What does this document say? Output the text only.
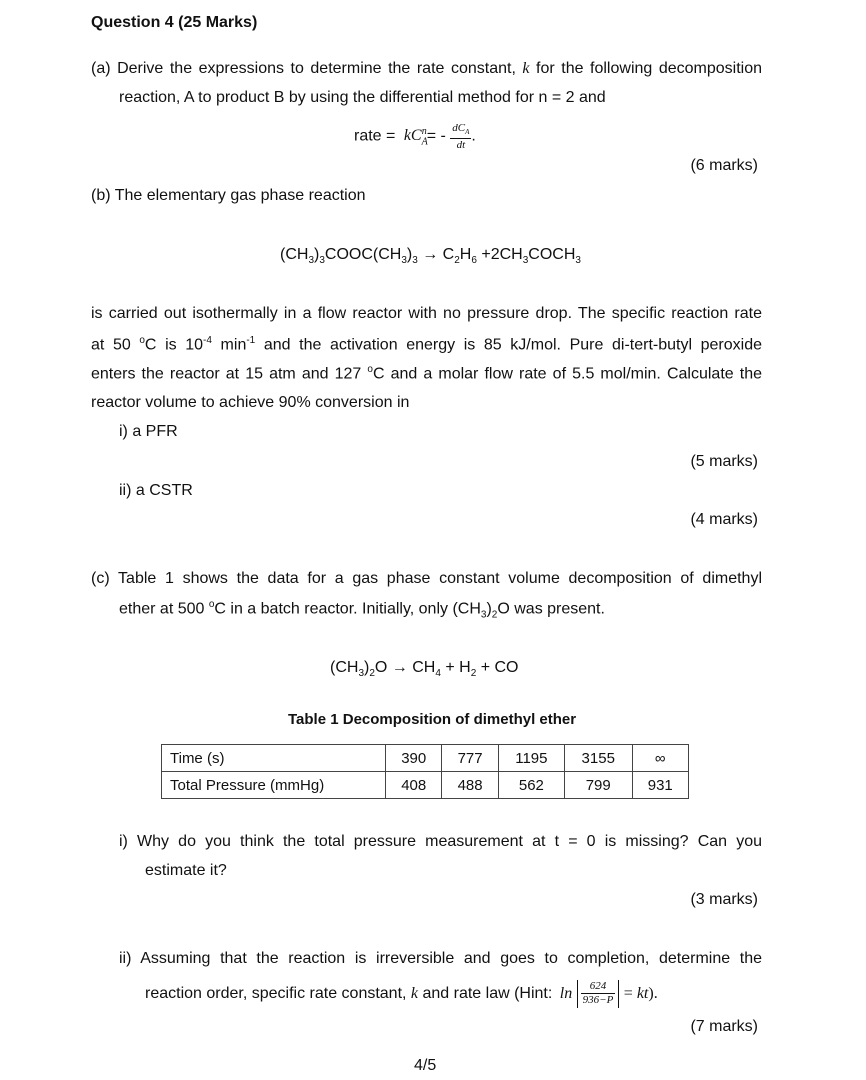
Question 4 (25 Marks)
(a) Derive the expressions to determine the rate constant, k for the following decomposition
reaction, A to product B by using the differential method for n = 2 and
rate = $kC_A^n= - \frac{dC_A}{dt}$ .
(6 marks)
(b) The elementary gas phase reaction
$(CH_3)_3COOC(CH_3)_3 \to C_2H_6$ $+2CH_3COCH_3$
is carried out isothermally in a flow reactor with no pressure drop. The specific reaction rate
at 50 $^o$C is $10^{-4}$ $\min^{-1}$ and the activation energy is 85 kJ/mol. Pure di-tert-butyl peroxide
enters the reactor at 15 atm and 127 $^o$C and a molar flow rate of 5.5 mol/min. Calculate the
reactor volume to achieve 90% conversion in
i) a PFR
(5 marks)
ii) a CSTR
(4 marks)
(c) Table 1 shows the data for a gas phase constant volume decomposition of dimethyl
ether at 500 $^o$C in a batch reactor. Initially, only $(CH_3)_2O$ was present.
$(CH_3)_2O \to CH_4 + H_2$ + CO
Table 1 Decomposition of dimethyl ether
Time (s)	390	777	1195	3155	∞
Total Pressure (mmHg)	408	488	562	799	931
i) Why do you think the total pressure measurement at t = 0 is missing? Can you
estimate it?
(3 marks)
ii) Assuming that the reaction is irreversible and goes to completion, determine the
reaction order, specific rate constant, k and rate law (Hint: $\ln \frac{624}{936-P} = kt$).
(7 marks)
4/5
